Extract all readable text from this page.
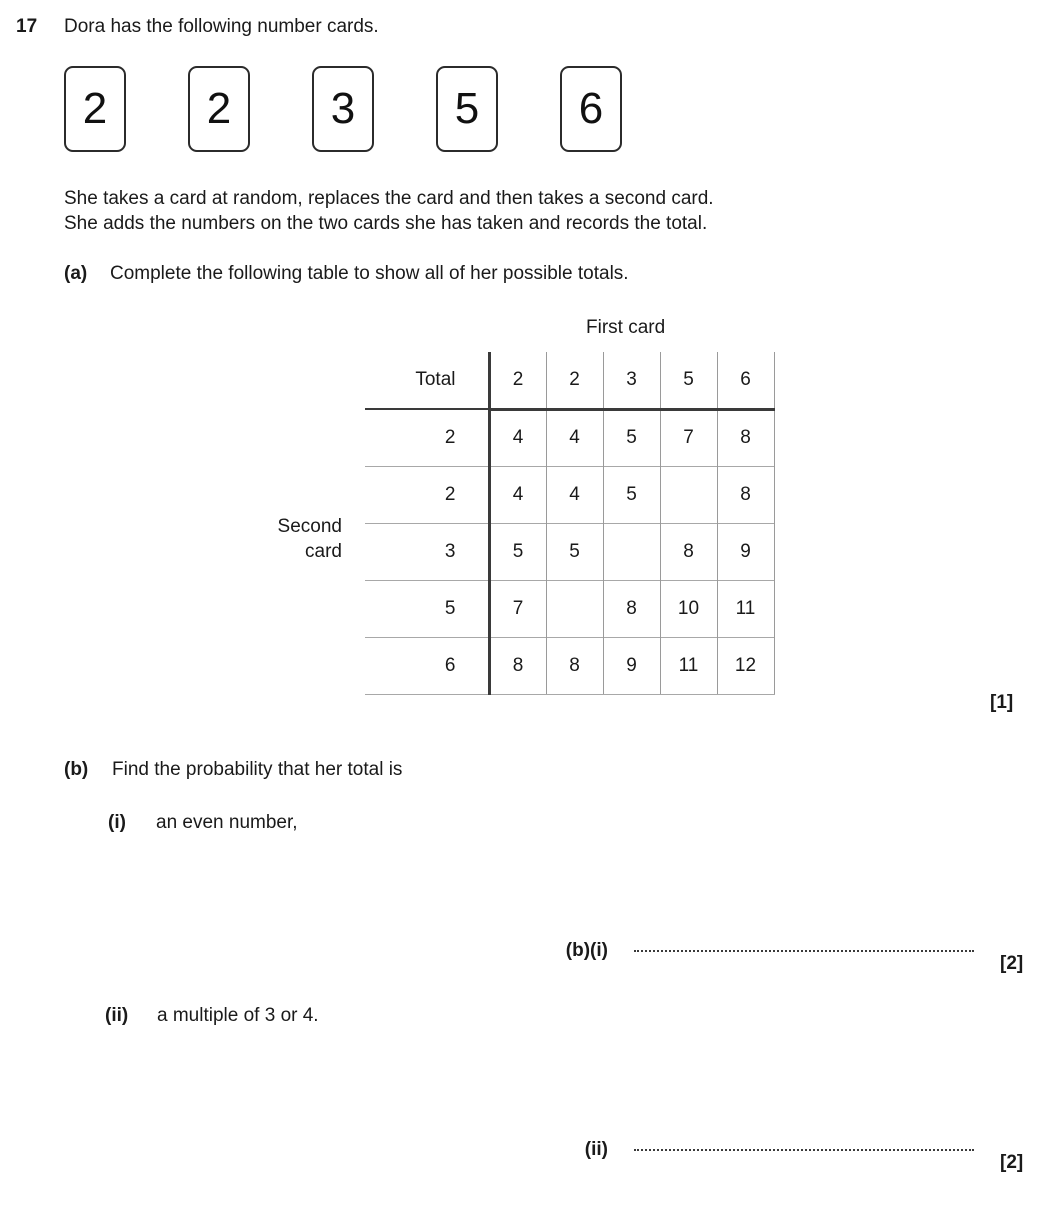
17	Dora has the following number cards.
2 2 3 5 6
She takes a card at random, replaces the card and then takes a second card.
She adds the numbers on the two cards she has taken and records the total.
(a)	Complete the following table to show all of her possible totals.
First card
Second
card
Total	2	2	3	5	6
2	4	4	5	7	8
2	4	4	5		8
3	5	5		8	9
5	7		8	10	11
6	8	8	9	11	12
[1]
(b)	Find the probability that her total is
(i)	an even number,
(b)(i)
[2]
(ii)	a multiple of 3 or 4.
(ii)
[2]
